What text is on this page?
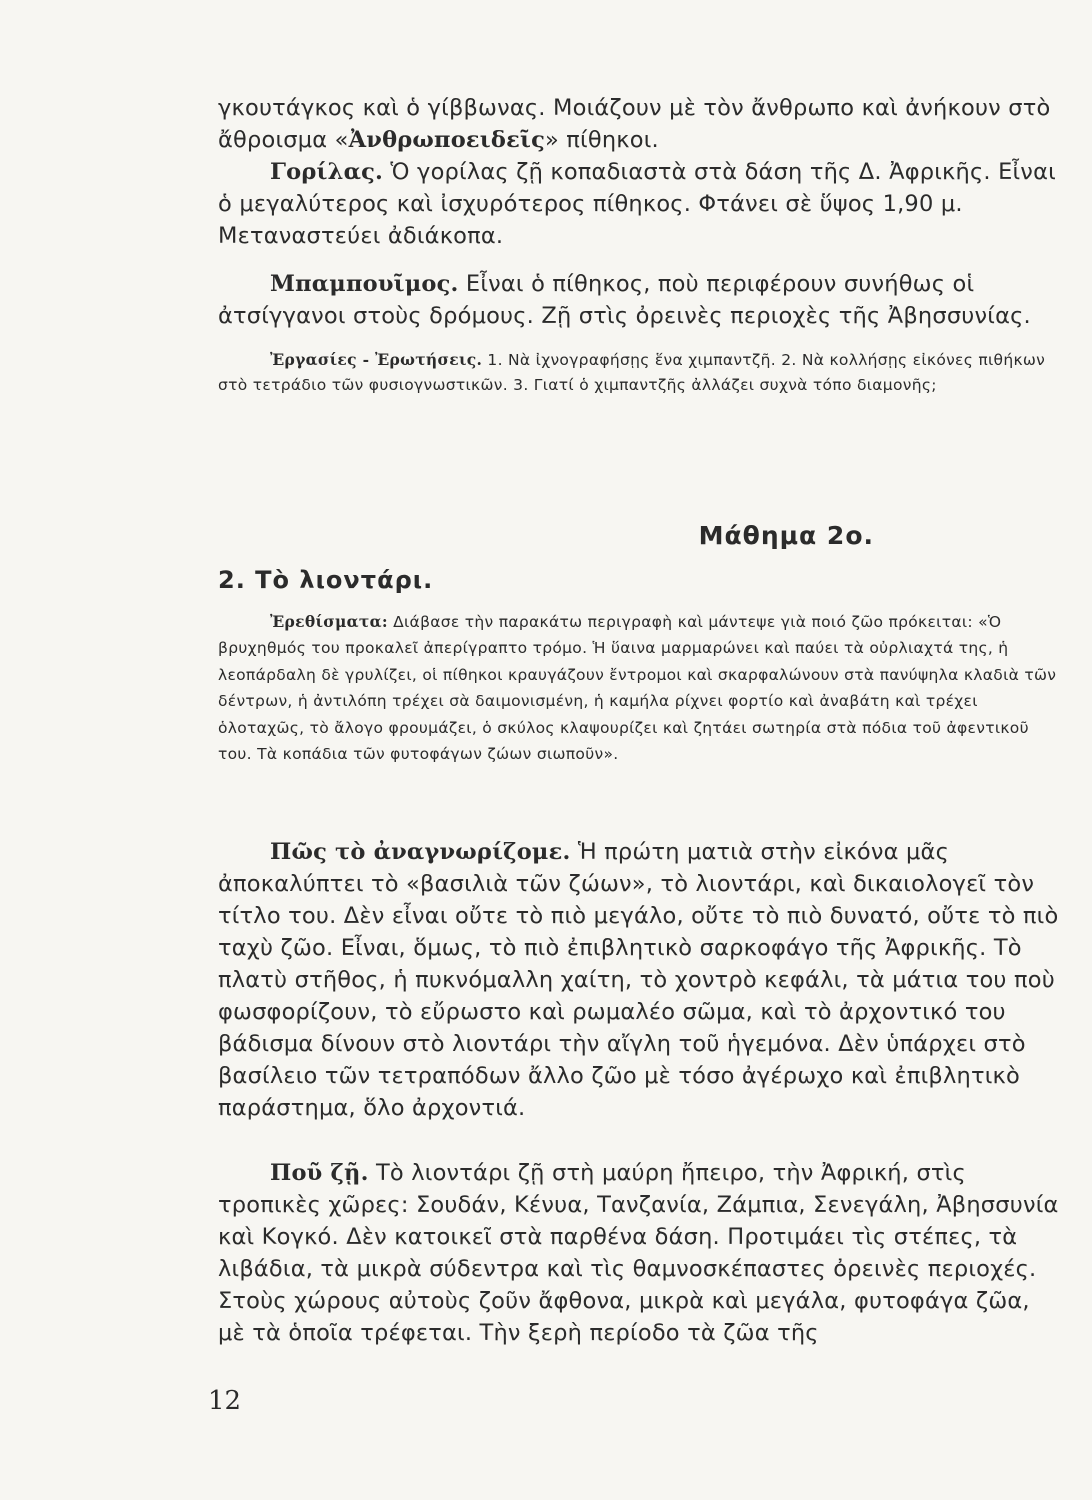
γκουτάγκος καὶ ὁ γίββωνας. Μοιάζουν μὲ τὸν ἄνθρωπο καὶ ἀνήκουν στὸ ἄθροισμα «Ἀνθρωποειδεῖς» πίθηκοι.

Γορίλας. Ὁ γορίλας ζῇ κοπαδιαστὰ στὰ δάση τῆς Δ. Ἀφρικῆς. Εἶναι ὁ μεγαλύτερος καὶ ἰσχυρότερος πίθηκος. Φτάνει σὲ ὕψος 1,90 μ. Μεταναστεύει ἀδιάκοπα.

Μπαμπουῖμος. Εἶναι ὁ πίθηκος, ποὺ περιφέρουν συνήθως οἱ ἀτσίγγανοι στοὺς δρόμους. Ζῇ στὶς ὀρεινὲς περιοχὲς τῆς Ἀβησσυνίας.

Ἐργασίες - Ἐρωτήσεις. 1. Νὰ ἰχνογραφήσῃς ἕνα χιμπαντζῆ. 2. Νὰ κολλήσῃς εἰκόνες πιθήκων στὸ τετράδιο τῶν φυσιογνωστικῶν. 3. Γιατί ὁ χιμπαντζῆς ἀλλάζει συχνὰ τόπο διαμονῆς;

Μάθημα 2ο.
2. Τὸ λιοντάρι.

Ἐρεθίσματα: Διάβασε τὴν παρακάτω περιγραφὴ καὶ μάντεψε γιὰ ποιό ζῶο πρόκειται: «Ὁ βρυχηθμός του προκαλεῖ ἀπερίγραπτο τρόμο. Ἡ ὕαινα μαρμαρώνει καὶ παύει τὰ οὐρλιαχτά της, ἡ λεοπάρδαλη δὲ γρυλίζει, οἱ πίθηκοι κραυγάζουν ἔντρομοι καὶ σκαρφαλώνουν στὰ πανύψηλα κλαδιὰ τῶν δέντρων, ἡ ἀντιλόπη τρέχει σὰ δαιμονισμένη, ἡ καμήλα ρίχνει φορτίο καὶ ἀναβάτη καὶ τρέχει ὁλοταχῶς, τὸ ἄλογο φρουμάζει, ὁ σκύλος κλαψουρίζει καὶ ζητάει σωτηρία στὰ πόδια τοῦ ἀφεντικοῦ του. Τὰ κοπάδια τῶν φυτοφάγων ζώων σιωποῦν».

Πῶς τὸ ἀναγνωρίζομε. Ἡ πρώτη ματιὰ στὴν εἰκόνα μᾶς ἀποκαλύπτει τὸ «βασιλιὰ τῶν ζώων», τὸ λιοντάρι, καὶ δικαιολογεῖ τὸν τίτλο του. Δὲν εἶναι οὔτε τὸ πιὸ μεγάλο, οὔτε τὸ πιὸ δυνατό, οὔτε τὸ πιὸ ταχὺ ζῶο. Εἶναι, ὅμως, τὸ πιὸ ἐπιβλητικὸ σαρκοφάγο τῆς Ἀφρικῆς. Τὸ πλατὺ στῆθος, ἡ πυκνόμαλλη χαίτη, τὸ χοντρὸ κεφάλι, τὰ μάτια του ποὺ φωσφορίζουν, τὸ εὔρωστο καὶ ρωμαλέο σῶμα, καὶ τὸ ἀρχοντικό του βάδισμα δίνουν στὸ λιοντάρι τὴν αἴγλη τοῦ ἡγεμόνα. Δὲν ὑπάρχει στὸ βασίλειο τῶν τετραπόδων ἄλλο ζῶο μὲ τόσο ἀγέρωχο καὶ ἐπιβλητικὸ παράστημα, ὅλο ἀρχοντιά.

Ποῦ ζῇ. Τὸ λιοντάρι ζῇ στὴ μαύρη ἤπειρο, τὴν Ἀφρική, στὶς τροπικὲς χῶρες: Σουδάν, Κένυα, Τανζανία, Ζάμπια, Σενεγάλη, Ἀβησσυνία καὶ Κογκό. Δὲν κατοικεῖ στὰ παρθένα δάση. Προτιμάει τὶς στέπες, τὰ λιβάδια, τὰ μικρὰ σύδεντρα καὶ τὶς θαμνοσκέπαστες ὀρεινὲς περιοχές. Στοὺς χώρους αὐτοὺς ζοῦν ἄφθονα, μικρὰ καὶ μεγάλα, φυτοφάγα ζῶα, μὲ τὰ ὁποῖα τρέφεται. Τὴν ξερὴ περίοδο τὰ ζῶα τῆς

12
